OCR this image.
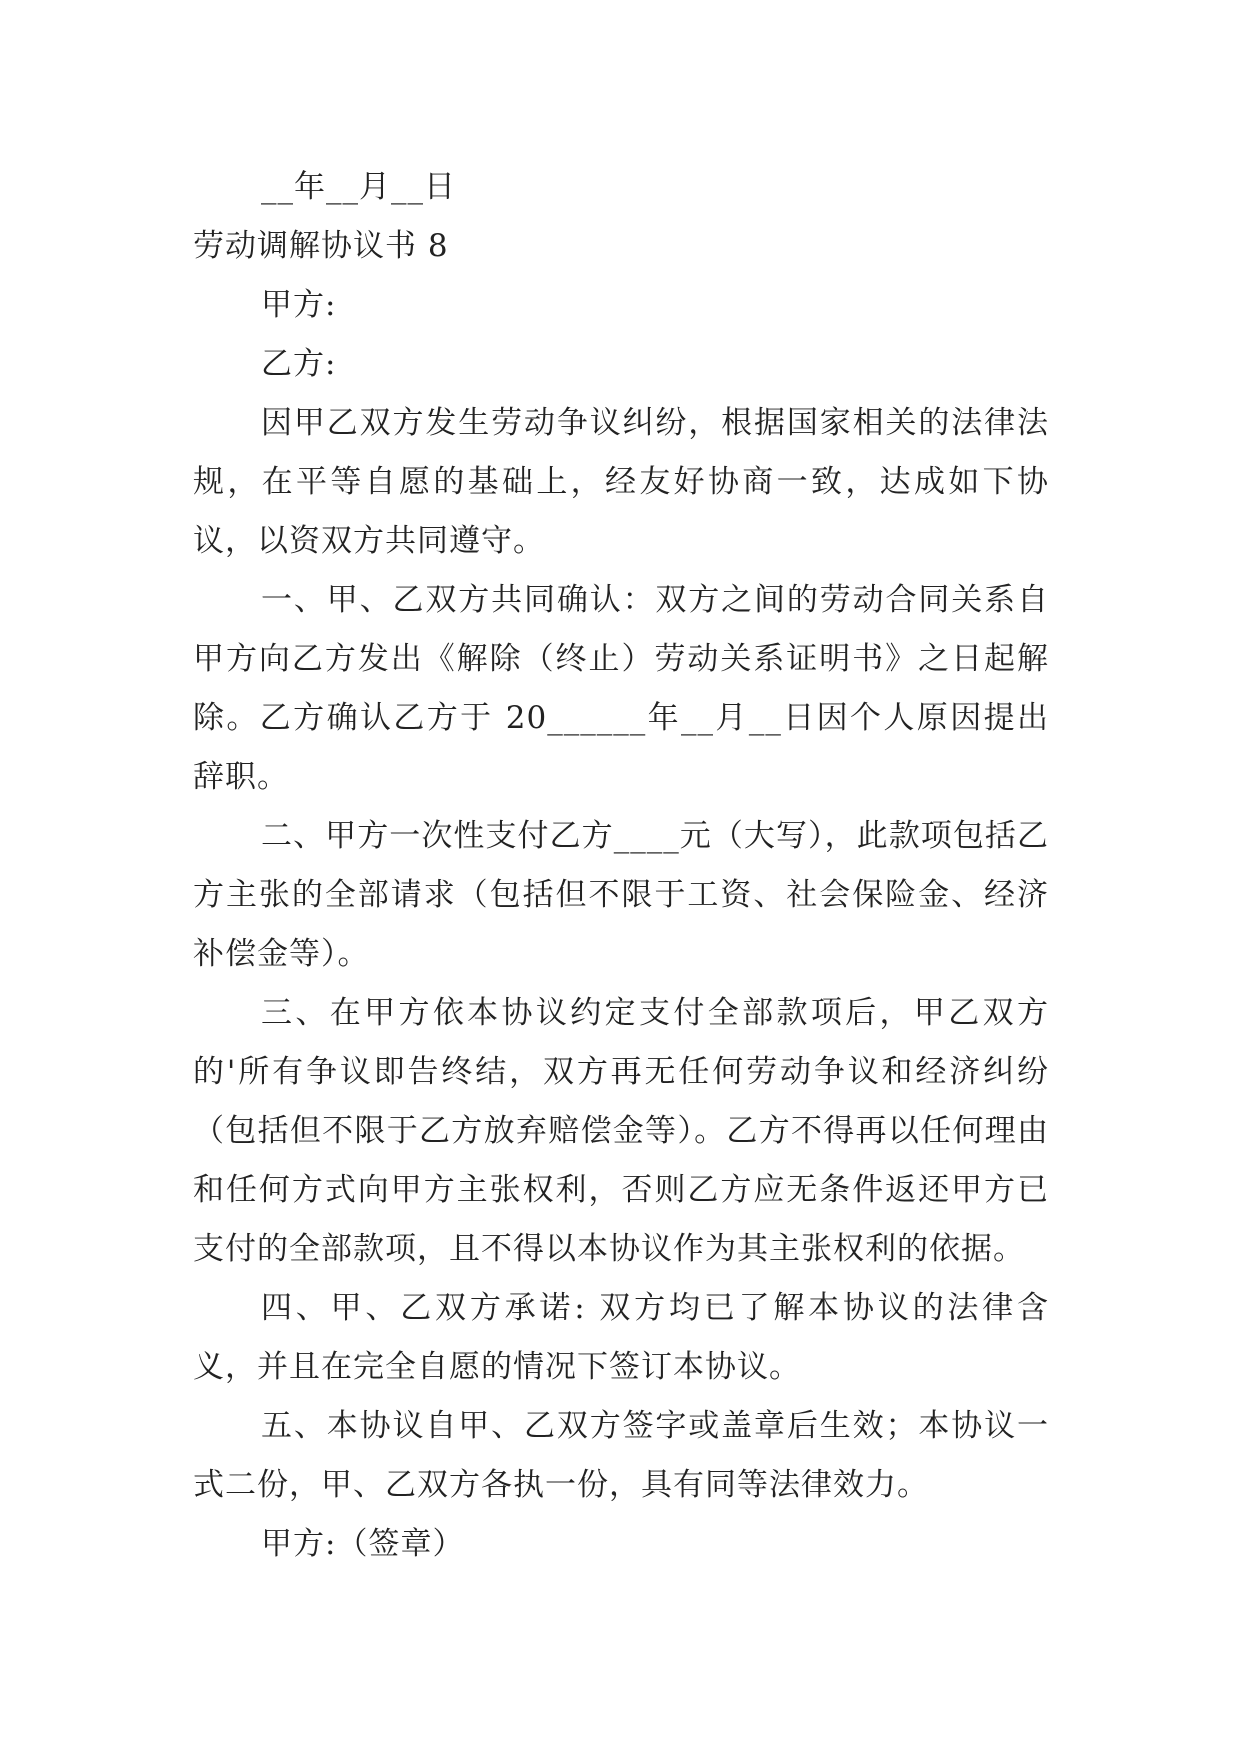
__年__月__日

劳动调解协议书 8

甲方:

乙方:

因甲乙双方发生劳动争议纠纷，根据国家相关的法律法规，在平等自愿的基础上，经友好协商一致，达成如下协议，以资双方共同遵守。

一、甲、乙双方共同确认：双方之间的劳动合同关系自甲方向乙方发出《解除（终止）劳动关系证明书》之日起解除。乙方确认乙方于 20______年__月__日因个人原因提出辞职。

二、甲方一次性支付乙方____元（大写），此款项包括乙方主张的全部请求（包括但不限于工资、社会保险金、经济补偿金等）。

三、在甲方依本协议约定支付全部款项后，甲乙双方的'所有争议即告终结，双方再无任何劳动争议和经济纠纷（包括但不限于乙方放弃赔偿金等）。乙方不得再以任何理由和任何方式向甲方主张权利，否则乙方应无条件返还甲方已支付的全部款项，且不得以本协议作为其主张权利的依据。

四、甲、乙双方承诺: 双方均已了解本协议的法律含义，并且在完全自愿的情况下签订本协议。

五、本协议自甲、乙双方签字或盖章后生效；本协议一式二份，甲、乙双方各执一份，具有同等法律效力。

甲方:（签章）
